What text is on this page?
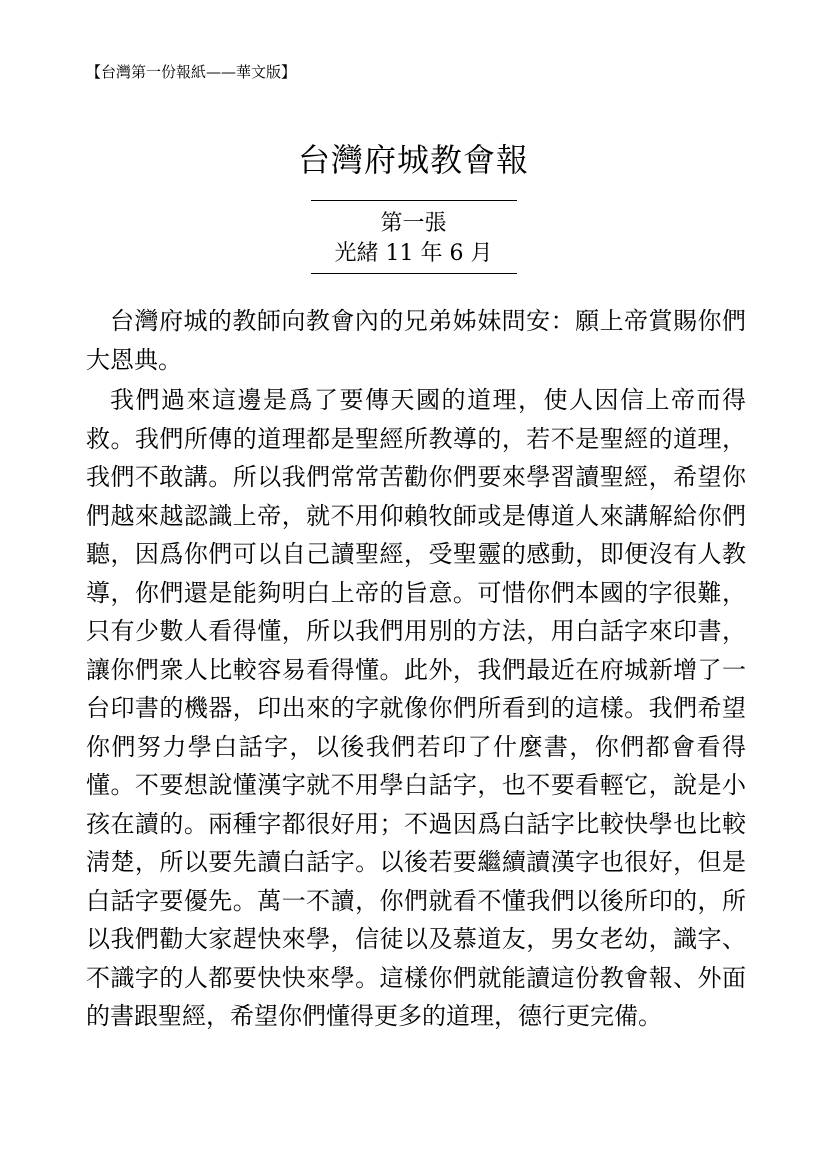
【台灣第一份報紙——華文版】
台灣府城教會報
第一張
光緒 11 年 6 月

台灣府城的教師向教會內的兄弟姊妹問安：願上帝賞賜你們大恩典。

我們過來這邊是爲了要傳天國的道理，使人因信上帝而得救。我們所傳的道理都是聖經所教導的，若不是聖經的道理，我們不敢講。所以我們常常苦勸你們要來學習讀聖經，希望你們越來越認識上帝，就不用仰賴牧師或是傳道人來講解給你們聽，因爲你們可以自己讀聖經，受聖靈的感動，即便沒有人教導，你們還是能夠明白上帝的旨意。可惜你們本國的字很難，只有少數人看得懂，所以我們用別的方法，用白話字來印書，讓你們衆人比較容易看得懂。此外，我們最近在府城新增了一台印書的機器，印出來的字就像你們所看到的這樣。我們希望你們努力學白話字，以後我們若印了什麼書，你們都會看得懂。不要想說懂漢字就不用學白話字，也不要看輕它，說是小孩在讀的。兩種字都很好用；不過因爲白話字比較快學也比較淸楚，所以要先讀白話字。以後若要繼續讀漢字也很好，但是白話字要優先。萬一不讀，你們就看不懂我們以後所印的，所以我們勸大家趕快來學，信徒以及慕道友，男女老幼，識字、不識字的人都要快快來學。這樣你們就能讀這份教會報、外面的書跟聖經，希望你們懂得更多的道理，德行更完備。
